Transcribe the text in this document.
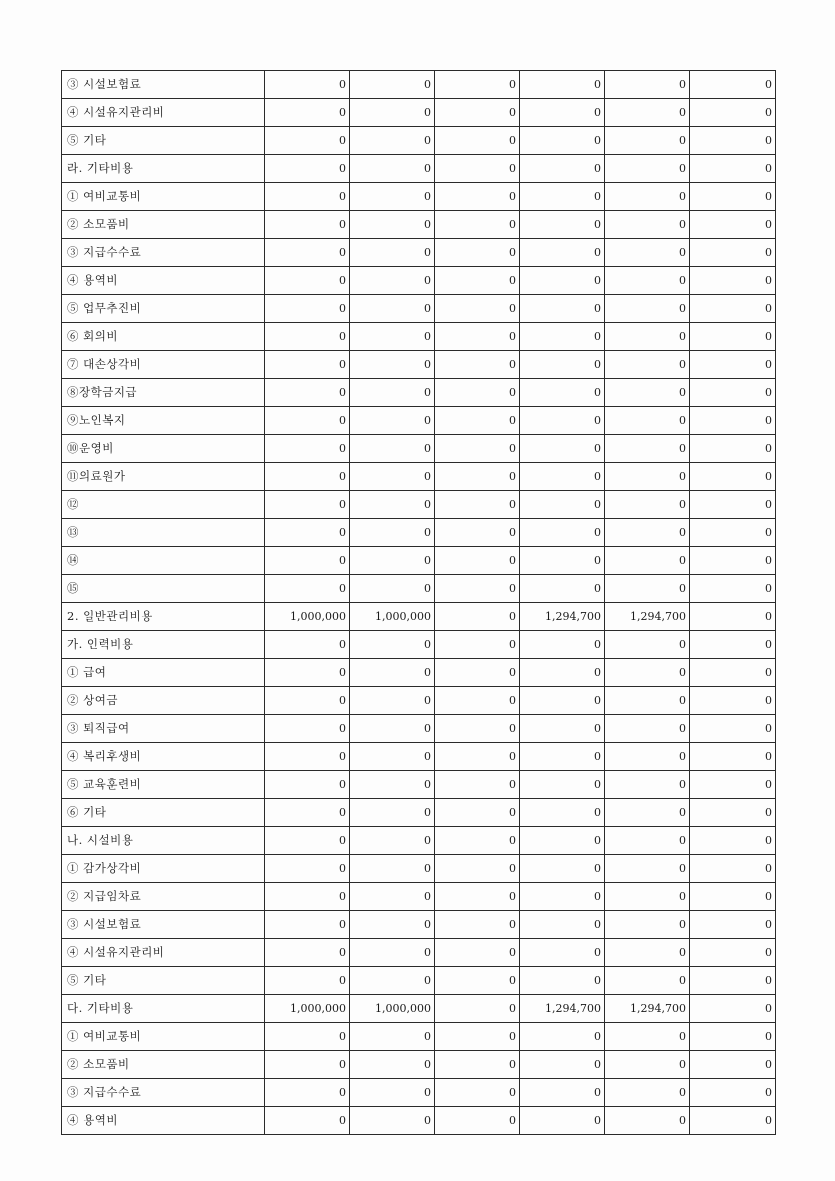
③ 시설보험료	0	0	0	0	0	0
④ 시설유지관리비	0	0	0	0	0	0
⑤ 기타	0	0	0	0	0	0
라. 기타비용	0	0	0	0	0	0
① 여비교통비	0	0	0	0	0	0
② 소모품비	0	0	0	0	0	0
③ 지급수수료	0	0	0	0	0	0
④ 용역비	0	0	0	0	0	0
⑤ 업무추진비	0	0	0	0	0	0
⑥ 회의비	0	0	0	0	0	0
⑦ 대손상각비	0	0	0	0	0	0
⑧장학금지급	0	0	0	0	0	0
⑨노인복지	0	0	0	0	0	0
⑩운영비	0	0	0	0	0	0
⑪의료원가	0	0	0	0	0	0
⑫	0	0	0	0	0	0
⑬	0	0	0	0	0	0
⑭	0	0	0	0	0	0
⑮	0	0	0	0	0	0
2. 일반관리비용	1,000,000	1,000,000	0	1,294,700	1,294,700	0
가. 인력비용	0	0	0	0	0	0
① 급여	0	0	0	0	0	0
② 상여금	0	0	0	0	0	0
③ 퇴직급여	0	0	0	0	0	0
④ 복리후생비	0	0	0	0	0	0
⑤ 교육훈련비	0	0	0	0	0	0
⑥ 기타	0	0	0	0	0	0
나. 시설비용	0	0	0	0	0	0
① 감가상각비	0	0	0	0	0	0
② 지급임차료	0	0	0	0	0	0
③ 시설보험료	0	0	0	0	0	0
④ 시설유지관리비	0	0	0	0	0	0
⑤ 기타	0	0	0	0	0	0
다. 기타비용	1,000,000	1,000,000	0	1,294,700	1,294,700	0
① 여비교통비	0	0	0	0	0	0
② 소모품비	0	0	0	0	0	0
③ 지급수수료	0	0	0	0	0	0
④ 용역비	0	0	0	0	0	0
